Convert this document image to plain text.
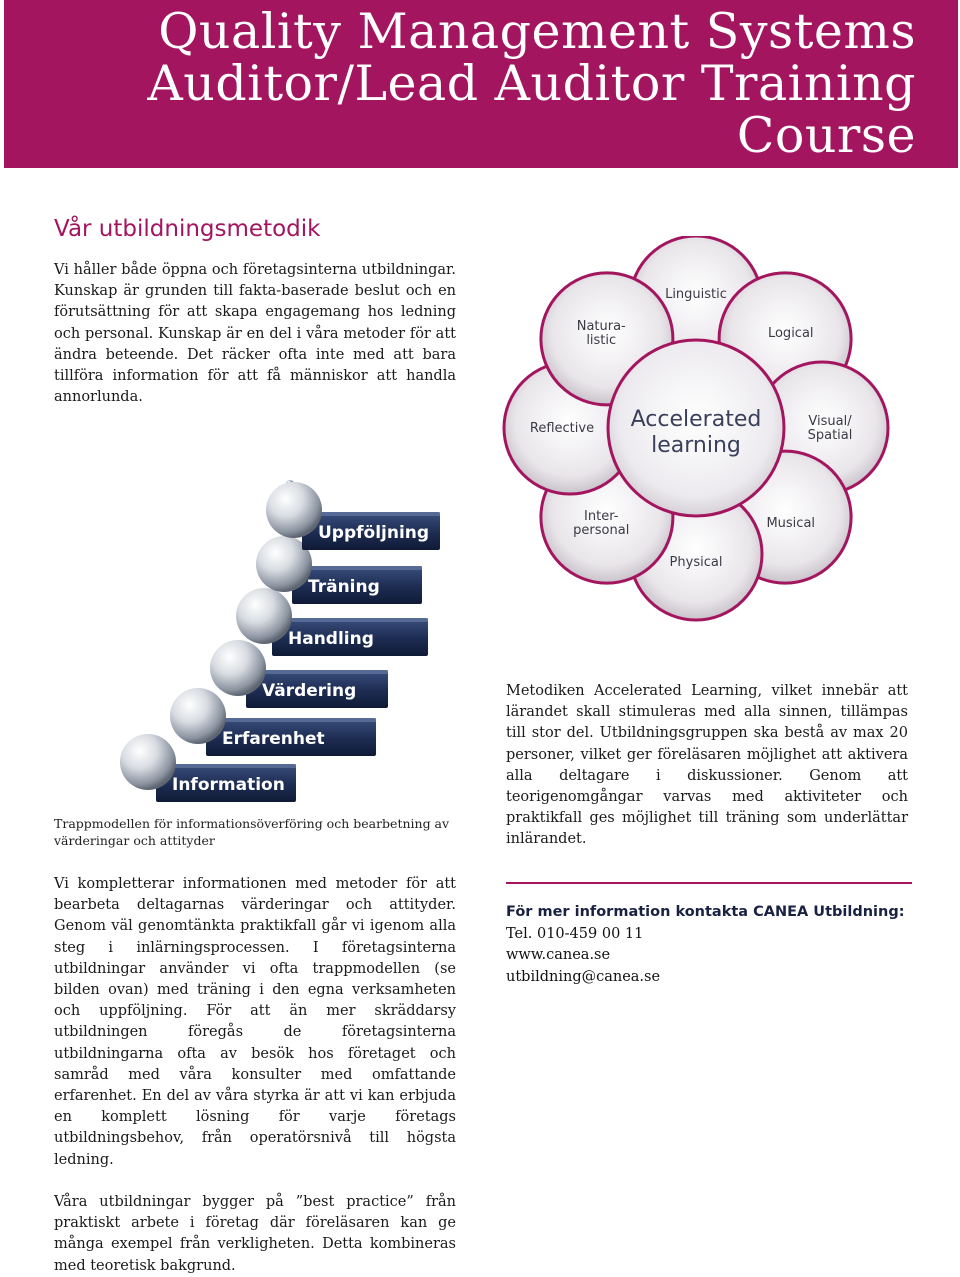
Quality Management Systems
Auditor/Lead Auditor Training
Course
Vår utbildningsmetodik

Vi håller både öppna och företagsinterna utbildningar. Kunskap är grunden till fakta-baserade beslut och en förutsättning för att skapa engagemang hos ledning och personal. Kunskap är en del i våra metoder för att ändra beteende. Det räcker ofta inte med att bara tillföra information för att få människor att handla annorlunda.

Linguistic
Logical
Visual/
Spatial
Musical
Physical
Inter-
personal
Reflective
Natura-
listic
Accelerated
learning
Information
Erfarenhet
Värdering
Handling
Träning
Uppföljning
Trappmodellen för informationsöverföring och bearbetning av värderingar och attityder

Metodiken Accelerated Learning, vilket innebär att lärandet skall stimuleras med alla sinnen, tillämpas till stor del. Utbildningsgruppen ska bestå av max 20 personer, vilket ger föreläsaren möjlighet att aktivera alla deltagare i diskussioner. Genom att teorigenomgångar varvas med aktiviteter och praktikfall ges möjlighet till träning som underlättar inlärandet.

Vi kompletterar informationen med metoder för att bearbeta deltagarnas värderingar och attityder. Genom väl genomtänkta praktikfall går vi igenom alla steg i inlärningsprocessen. I företagsinterna utbildningar använder vi ofta trappmodellen (se bilden ovan) med träning i den egna verksamheten och uppföljning. För att än mer skräddarsy utbildningen föregås de företagsinterna utbildningarna ofta av besök hos företaget och samråd med våra konsulter med omfattande erfarenhet. En del av våra styrka är att vi kan erbjuda en komplett lösning för varje företags utbildningsbehov, från operatörsnivå till högsta ledning.

Våra utbildningar bygger på ”best practice” från praktiskt arbete i företag där föreläsaren kan ge många exempel från verkligheten. Detta kombineras med teoretisk bakgrund.

För mer information kontakta CANEA Utbildning:
Tel. 010-459 00 11
www.canea.se
utbildning@canea.se
